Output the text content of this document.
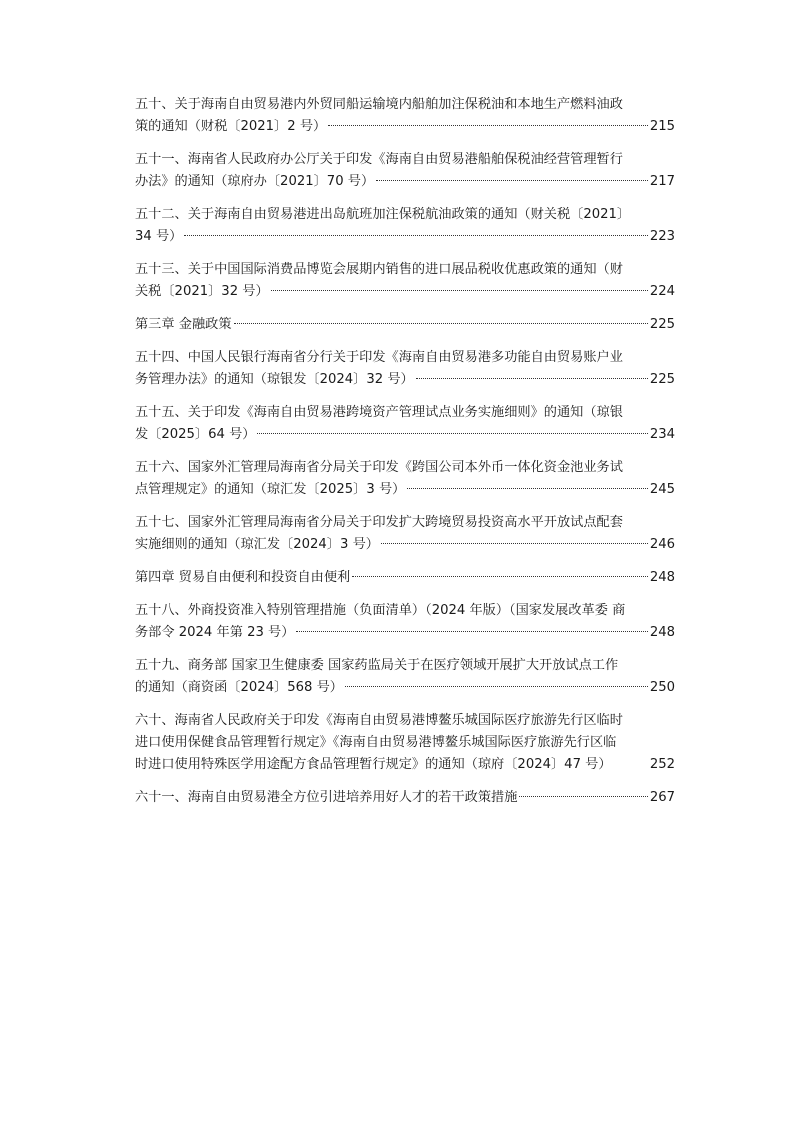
五十、关于海南自由贸易港内外贸同船运输境内船舶加注保税油和本地生产燃料油政
策的通知（财税〔2021〕2 号）	215
五十一、海南省人民政府办公厅关于印发《海南自由贸易港船舶保税油经营管理暂行
办法》的通知（琼府办〔2021〕70 号）	217
五十二、关于海南自由贸易港进出岛航班加注保税航油政策的通知（财关税〔2021〕
34 号）	223
五十三、关于中国国际消费品博览会展期内销售的进口展品税收优惠政策的通知（财
关税〔2021〕32 号）	224
第三章 金融政策	225
五十四、中国人民银行海南省分行关于印发《海南自由贸易港多功能自由贸易账户业
务管理办法》的通知（琼银发〔2024〕32 号）	225
五十五、关于印发《海南自由贸易港跨境资产管理试点业务实施细则》的通知（琼银
发〔2025〕64 号）	234
五十六、国家外汇管理局海南省分局关于印发《跨国公司本外币一体化资金池业务试
点管理规定》的通知（琼汇发〔2025〕3 号）	245
五十七、国家外汇管理局海南省分局关于印发扩大跨境贸易投资高水平开放试点配套
实施细则的通知（琼汇发〔2024〕3 号）	246
第四章 贸易自由便利和投资自由便利	248
五十八、外商投资准入特别管理措施（负面清单）（2024 年版）（国家发展改革委 商
务部令 2024 年第 23 号）	248
五十九、商务部 国家卫生健康委 国家药监局关于在医疗领域开展扩大开放试点工作
的通知（商资函〔2024〕568 号）	250
六十、海南省人民政府关于印发《海南自由贸易港博鳌乐城国际医疗旅游先行区临时
进口使用保健食品管理暂行规定》《海南自由贸易港博鳌乐城国际医疗旅游先行区临
时进口使用特殊医学用途配方食品管理暂行规定》的通知（琼府〔2024〕47 号）	252
六十一、海南自由贸易港全方位引进培养用好人才的若干政策措施	267
